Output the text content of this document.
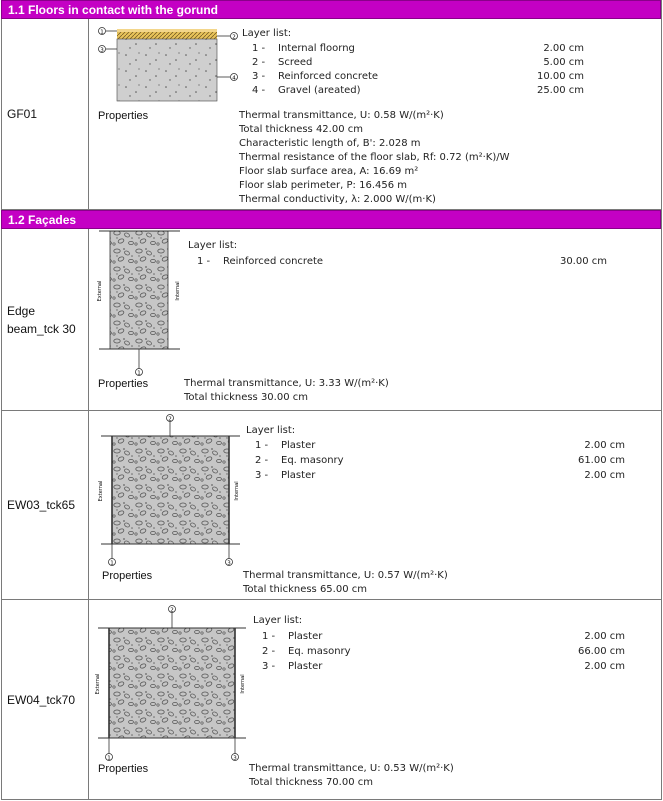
1.1 Floors in contact with the gorund
GF01
1
3
2
4
Properties
Layer list:
1 - Internal floorng	2.00 cm
2 - Screed	5.00 cm
3 - Reinforced concrete	10.00 cm
4 - Gravel (areated)	25.00 cm
Thermal transmittance, U: 0.58 W/(m²·K)
Total thickness 42.00 cm
Characteristic length of, B': 2.028 m
Thermal resistance of the floor slab, Rf: 0.72 (m²·K)/W
Floor slab surface area, A: 16.69 m²
Floor slab perimeter, P: 16.456 m
Thermal conductivity, λ: 2.000 W/(m·K)
1.2 Façades
Edge beam_tck 30
1
External	Internal
Properties
Layer list:
1 - Reinforced concrete	30.00 cm
Thermal transmittance, U: 3.33 W/(m²·K)
Total thickness 30.00 cm
EW03_tck65
2
1	3
External	Internal
Properties
Layer list:
1 - Plaster	2.00 cm
2 - Eq. masonry	61.00 cm
3 - Plaster	2.00 cm
Thermal transmittance, U: 0.57 W/(m²·K)
Total thickness 65.00 cm
EW04_tck70
2
1	3
External	Internal
Properties
Layer list:
1 - Plaster	2.00 cm
2 - Eq. masonry	66.00 cm
3 - Plaster	2.00 cm
Thermal transmittance, U: 0.53 W/(m²·K)
Total thickness 70.00 cm
